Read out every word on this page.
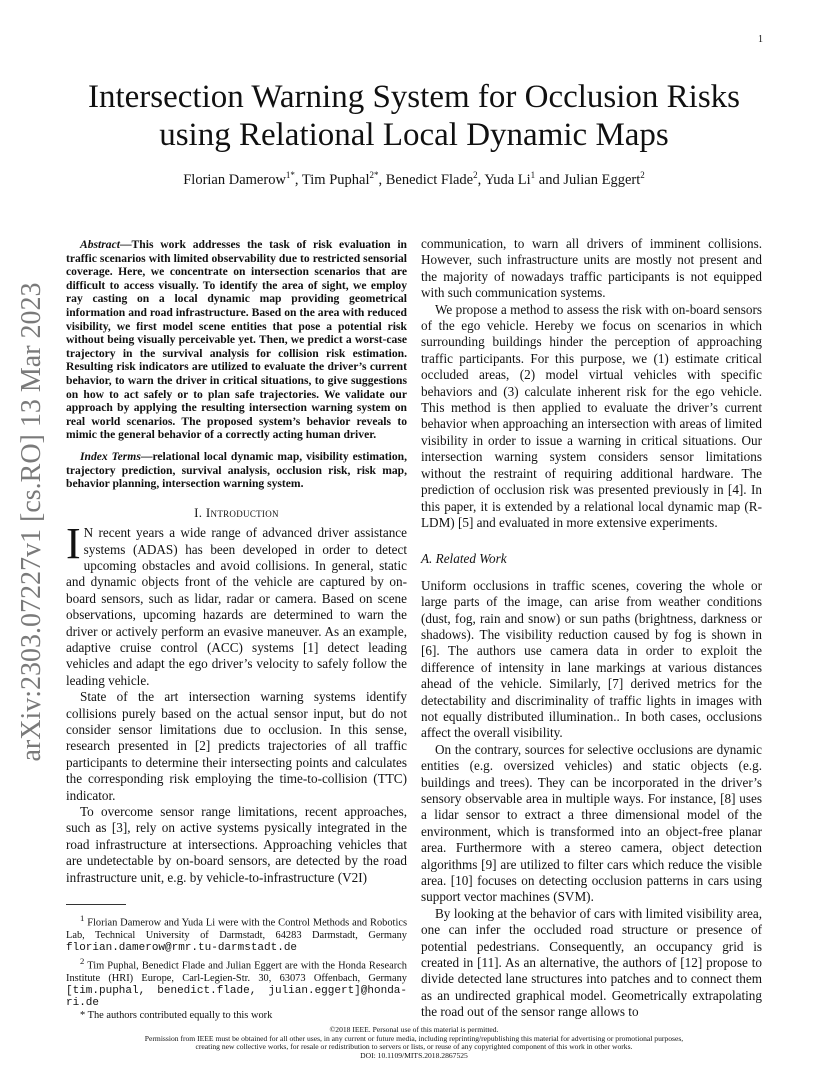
1
arXiv:2303.07227v1 [cs.RO] 13 Mar 2023
Intersection Warning System for Occlusion Risks using Relational Local Dynamic Maps
Florian Damerow$^{1*}$, Tim Puphal$^{2*}$, Benedict Flade$^2$, Yuda Li$^1$ and Julian Eggert$^2$

Abstract—This work addresses the task of risk evaluation in traffic scenarios with limited observability due to restricted sensorial coverage. Here, we concentrate on intersection scenarios that are difficult to access visually. To identify the area of sight, we employ ray casting on a local dynamic map providing geometrical information and road infrastructure. Based on the area with reduced visibility, we first model scene entities that pose a potential risk without being visually perceivable yet. Then, we predict a worst-case trajectory in the survival analysis for collision risk estimation. Resulting risk indicators are utilized to evaluate the driver’s current behavior, to warn the driver in critical situations, to give suggestions on how to act safely or to plan safe trajectories. We validate our approach by applying the resulting intersection warning system on real world scenarios. The proposed system’s behavior reveals to mimic the general behavior of a correctly acting human driver.

Index Terms—relational local dynamic map, visibility estimation, trajectory prediction, survival analysis, occlusion risk, risk map, behavior planning, intersection warning system.

I. Introduction

I N recent years a wide range of advanced driver assistance systems (ADAS) has been developed in order to detect upcoming obstacles and avoid collisions. In general, static and dynamic objects front of the vehicle are captured by on-board sensors, such as lidar, radar or camera. Based on scene observations, upcoming hazards are determined to warn the driver or actively perform an evasive maneuver. As an example, adaptive cruise control (ACC) systems [1] detect leading vehicles and adapt the ego driver’s velocity to safely follow the leading vehicle.

State of the art intersection warning systems identify collisions purely based on the actual sensor input, but do not consider sensor limitations due to occlusion. In this sense, research presented in [2] predicts trajectories of all traffic participants to determine their intersecting points and calculates the corresponding risk employing the time-to-collision (TTC) indicator.

To overcome sensor range limitations, recent approaches, such as [3], rely on active systems pysically integrated in the road infrastructure at intersections. Approaching vehicles that are undetectable by on-board sensors, are detected by the road infrastructure unit, e.g. by vehicle-to-infrastructure (V2I)

$^1$ Florian Damerow and Yuda Li were with the Control Methods and Robotics Lab, Technical University of Darmstadt, 64283 Darmstadt, Germany florian.damerow@rmr.tu-darmstadt.de

$^2$ Tim Puphal, Benedict Flade and Julian Eggert are with the Honda Research Institute (HRI) Europe, Carl-Legien-Str. 30, 63073 Offenbach, Germany [tim.puphal, benedict.flade, julian.eggert]@honda-ri.de

* The authors contributed equally to this work

communication, to warn all drivers of imminent collisions. However, such infrastructure units are mostly not present and the majority of nowadays traffic participants is not equipped with such communication systems.

We propose a method to assess the risk with on-board sensors of the ego vehicle. Hereby we focus on scenarios in which surrounding buildings hinder the perception of approaching traffic participants. For this purpose, we (1) estimate critical occluded areas, (2) model virtual vehicles with specific behaviors and (3) calculate inherent risk for the ego vehicle. This method is then applied to evaluate the driver’s current behavior when approaching an intersection with areas of limited visibility in order to issue a warning in critical situations. Our intersection warning system considers sensor limitations without the restraint of requiring additional hardware. The prediction of occlusion risk was presented previously in [4]. In this paper, it is extended by a relational local dynamic map (R-LDM) [5] and evaluated in more extensive experiments.

A. Related Work

Uniform occlusions in traffic scenes, covering the whole or large parts of the image, can arise from weather conditions (dust, fog, rain and snow) or sun paths (brightness, darkness or shadows). The visibility reduction caused by fog is shown in [6]. The authors use camera data in order to exploit the difference of intensity in lane markings at various distances ahead of the vehicle. Similarly, [7] derived metrics for the detectability and discriminality of traffic lights in images with not equally distributed illumination.. In both cases, occlusions affect the overall visibility.

On the contrary, sources for selective occlusions are dynamic entities (e.g. oversized vehicles) and static objects (e.g. buildings and trees). They can be incorporated in the driver’s sensory observable area in multiple ways. For instance, [8] uses a lidar sensor to extract a three dimensional model of the environment, which is transformed into an object-free planar area. Furthermore with a stereo camera, object detection algorithms [9] are utilized to filter cars which reduce the visible area. [10] focuses on detecting occlusion patterns in cars using support vector machines (SVM).

By looking at the behavior of cars with limited visibility area, one can infer the occluded road structure or presence of potential pedestrians. Consequently, an occupancy grid is created in [11]. As an alternative, the authors of [12] propose to divide detected lane structures into patches and to connect them as an undirected graphical model. Geometrically extrapolating the road out of the sensor range allows to

©2018 IEEE. Personal use of this material is permitted.
Permission from IEEE must be obtained for all other uses, in any current or future media, including reprinting/republishing this material for advertising or promotional purposes,
creating new collective works, for resale or redistribution to servers or lists, or reuse of any copyrighted component of this work in other works.
DOI: 10.1109/MITS.2018.2867525
